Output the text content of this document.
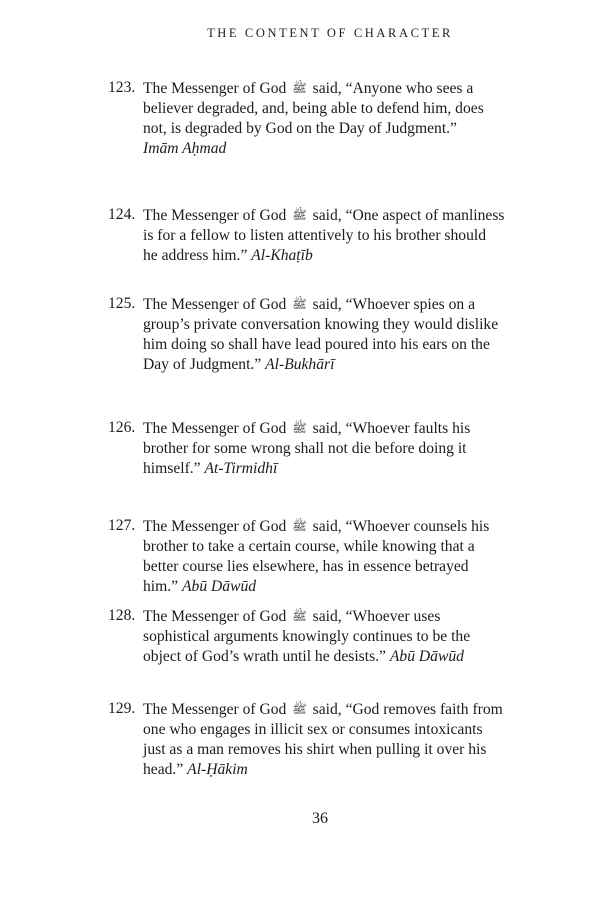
THE CONTENT OF CHARACTER
123. The Messenger of God ﷺ said, “Anyone who sees a
believer degraded, and, being able to defend him, does
not, is degraded by God on the Day of Judgment.”
Imām Aḥmad
124. The Messenger of God ﷺ said, “One aspect of manliness
is for a fellow to listen attentively to his brother should
he address him.” Al-Khaṭīb
125. The Messenger of God ﷺ said, “Whoever spies on a
group’s private conversation knowing they would dislike
him doing so shall have lead poured into his ears on the
Day of Judgment.” Al-Bukhārī
126. The Messenger of God ﷺ said, “Whoever faults his
brother for some wrong shall not die before doing it
himself.” At-Tirmidhī
127. The Messenger of God ﷺ said, “Whoever counsels his
brother to take a certain course, while knowing that a
better course lies elsewhere, has in essence betrayed
him.” Abū Dāwūd
128. The Messenger of God ﷺ said, “Whoever uses
sophistical arguments knowingly continues to be the
object of God’s wrath until he desists.” Abū Dāwūd
129. The Messenger of God ﷺ said, “God removes faith from
one who engages in illicit sex or consumes intoxicants
just as a man removes his shirt when pulling it over his
head.” Al-Ḥākim
36
